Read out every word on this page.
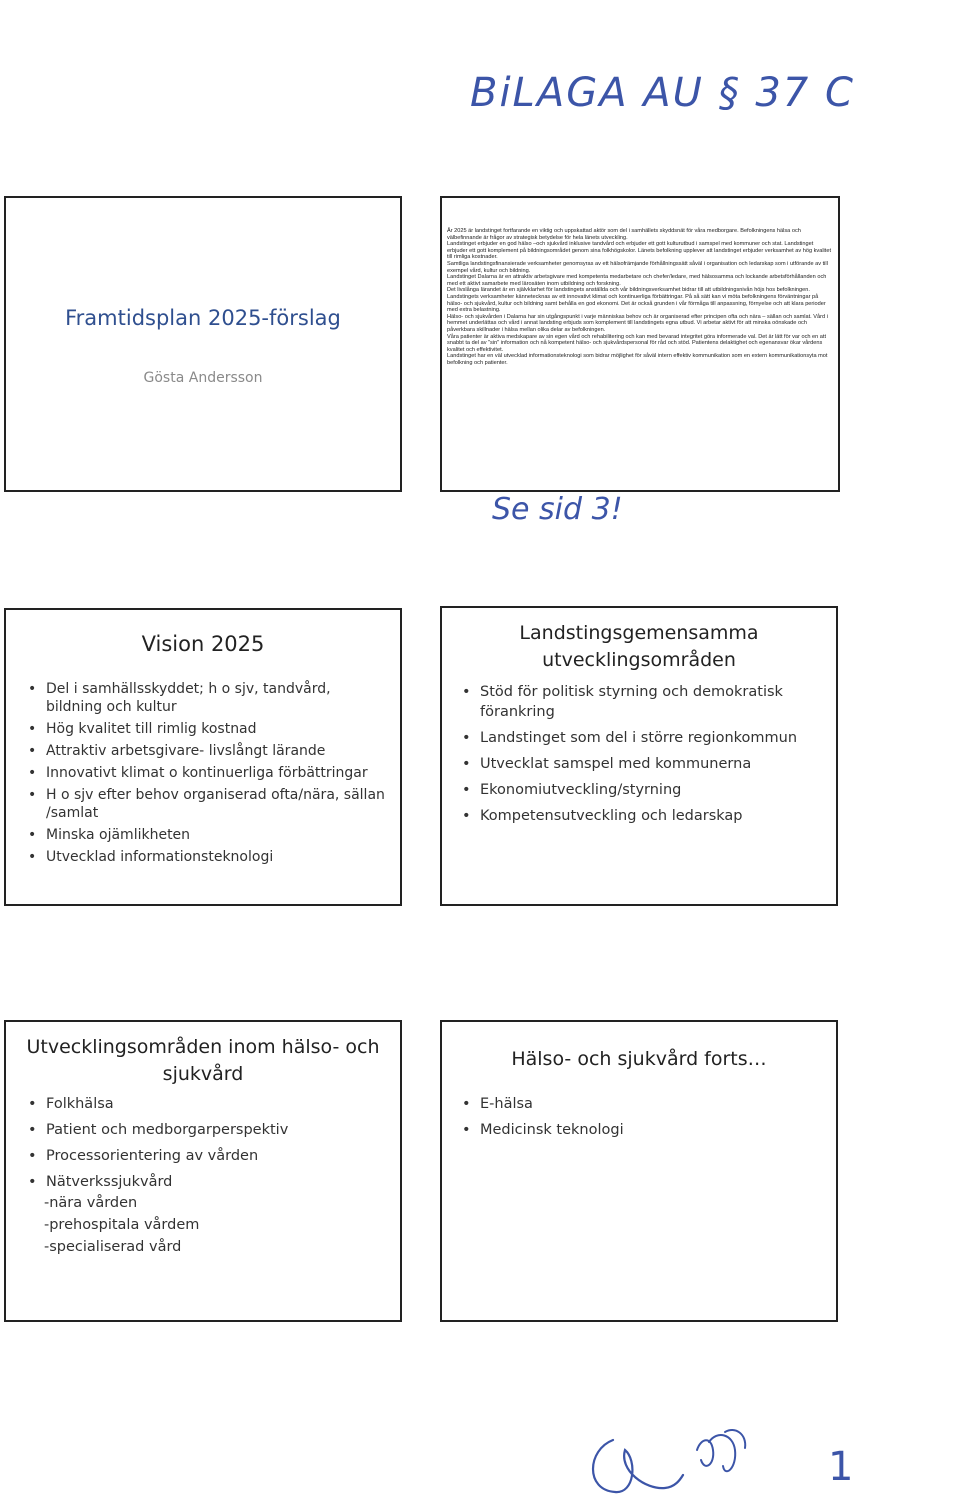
BiLAGA AU § 37 C
Framtidsplan 2025-förslag
Gösta Andersson

År 2025 är landstinget fortfarande en viktig och uppskattad aktör som del i samhällets skyddsnät för våra medborgare. Befolkningens hälsa och välbefinnande är frågor av strategisk betydelse för hela länets utveckling.

Landstinget erbjuder en god hälso –och sjukvård inklusive tandvård och erbjuder ett gott kulturutbud i samspel med kommuner och stat. Landstinget erbjuder ett gott komplement på bildningsområdet genom sina folkhögskolor. Länets befolkning upplever att landstinget erbjuder verksamhet av hög kvalitet till rimliga kostnader.

Samtliga landstingsfinansierade verksamheter genomsyras av ett hälsofrämjande förhållningssätt såväl i organisation och ledarskap som i utförande av till exempel vård, kultur och bildning.

Landstinget Dalarna är en attraktiv arbetsgivare med kompetenta medarbetare och chefer/ledare, med hälsosamma och lockande arbetsförhållanden och med ett aktivt samarbete med lärosäten inom utbildning och forskning.

Det livslånga lärandet är en självklarhet för landstingets anställda och vår bildningsverksamhet bidrar till att utbildningsnivån höjs hos befolkningen.

Landstingets verksamheter kännetecknas av ett innovativt klimat och kontinuerliga förbättringar. På så sätt kan vi möta befolkningens förväntningar på hälso- och sjukvård, kultur och bildning samt behålla en god ekonomi. Det är också grunden i vår förmåga till anpassning, förnyelse och att klara perioder med extra belastning.

Hälso- och sjukvården i Dalarna har sin utgångspunkt i varje människas behov och är organiserad efter principen ofta och nära – sällan och samlat. Vård i hemmet underlättas och vård i annat landsting erbjuds som komplement till landstingets egna utbud. Vi arbetar aktivt för att minska oönskade och påverkbara skillnader i hälsa mellan olika delar av befolkningen.

Våra patienter är aktiva medskapare av sin egen vård och rehabilitering och kan med bevarad integritet göra informerade val. Det är lätt för var och en att snabbt ta del av "sin" information och nå kompetent hälso- och sjukvårdspersonal för råd och stöd. Patientens delaktighet och egenansvar ökar vårdens kvalitet och effektivitet.

Landstinget har en väl utvecklad informationsteknologi som bidrar möjlighet för såväl intern effektiv kommunikation som en extern kommunikationsyta mot befolkning och patienter.

Se sid 3!
Vision 2025
• Del i samhällsskyddet; h o sjv, tandvård, bildning och kultur
• Hög kvalitet till rimlig kostnad
• Attraktiv arbetsgivare- livslångt lärande
• Innovativt klimat o kontinuerliga förbättringar
• H o sjv efter behov organiserad ofta/nära, sällan /samlat
• Minska ojämlikheten
• Utvecklad informationsteknologi
Landstingsgemensamma
utvecklingsområden
• Stöd för politisk styrning och demokratisk förankring
• Landstinget som del i större regionkommun
• Utvecklat samspel med kommunerna
• Ekonomiutveckling/styrning
• Kompetensutveckling och ledarskap
Utvecklingsområden inom hälso- och
sjukvård
• Folkhälsa
• Patient och medborgarperspektiv
• Processorientering av vården
• Nätverkssjukvård
-nära vården
-prehospitala vårdem
-specialiserad vård
Hälso- och sjukvård forts…
• E-hälsa
• Medicinsk teknologi
1
